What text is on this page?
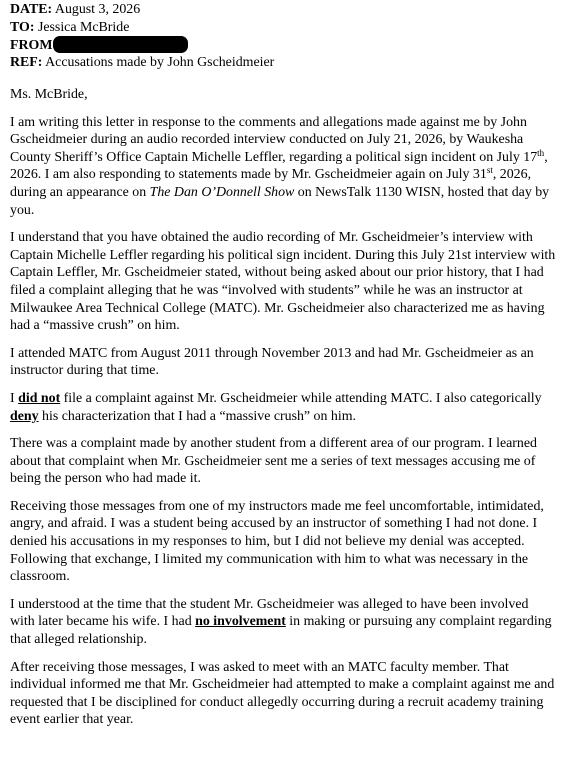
DATE: August 3, 2026
TO: Jessica McBride
FROM
REF: Accusations made by John Gscheidmeier

Ms. McBride,

I am writing this letter in response to the comments and allegations made against me by John Gscheidmeier during an audio recorded interview conducted on July 21, 2026, by Waukesha County Sheriff’s Office Captain Michelle Leffler, regarding a political sign incident on July 17th, 2026. I am also responding to statements made by Mr. Gscheidmeier again on July 31st, 2026, during an appearance on The Dan O’Donnell Show on NewsTalk 1130 WISN, hosted that day by you.

I understand that you have obtained the audio recording of Mr. Gscheidmeier’s interview with Captain Michelle Leffler regarding his political sign incident. During this July 21st interview with Captain Leffler, Mr. Gscheidmeier stated, without being asked about our prior history, that I had filed a complaint alleging that he was “involved with students” while he was an instructor at Milwaukee Area Technical College (MATC). Mr. Gscheidmeier also characterized me as having had a “massive crush” on him.

I attended MATC from August 2011 through November 2013 and had Mr. Gscheidmeier as an instructor during that time.

I did not file a complaint against Mr. Gscheidmeier while attending MATC. I also categorically deny his characterization that I had a “massive crush” on him.

There was a complaint made by another student from a different area of our program. I learned about that complaint when Mr. Gscheidmeier sent me a series of text messages accusing me of being the person who had made it.

Receiving those messages from one of my instructors made me feel uncomfortable, intimidated, angry, and afraid. I was a student being accused by an instructor of something I had not done. I denied his accusations in my responses to him, but I did not believe my denial was accepted. Following that exchange, I limited my communication with him to what was necessary in the classroom.

I understood at the time that the student Mr. Gscheidmeier was alleged to have been involved with later became his wife. I had no involvement in making or pursuing any complaint regarding that alleged relationship.

After receiving those messages, I was asked to meet with an MATC faculty member. That individual informed me that Mr. Gscheidmeier had attempted to make a complaint against me and requested that I be disciplined for conduct allegedly occurring during a recruit academy training event earlier that year.
